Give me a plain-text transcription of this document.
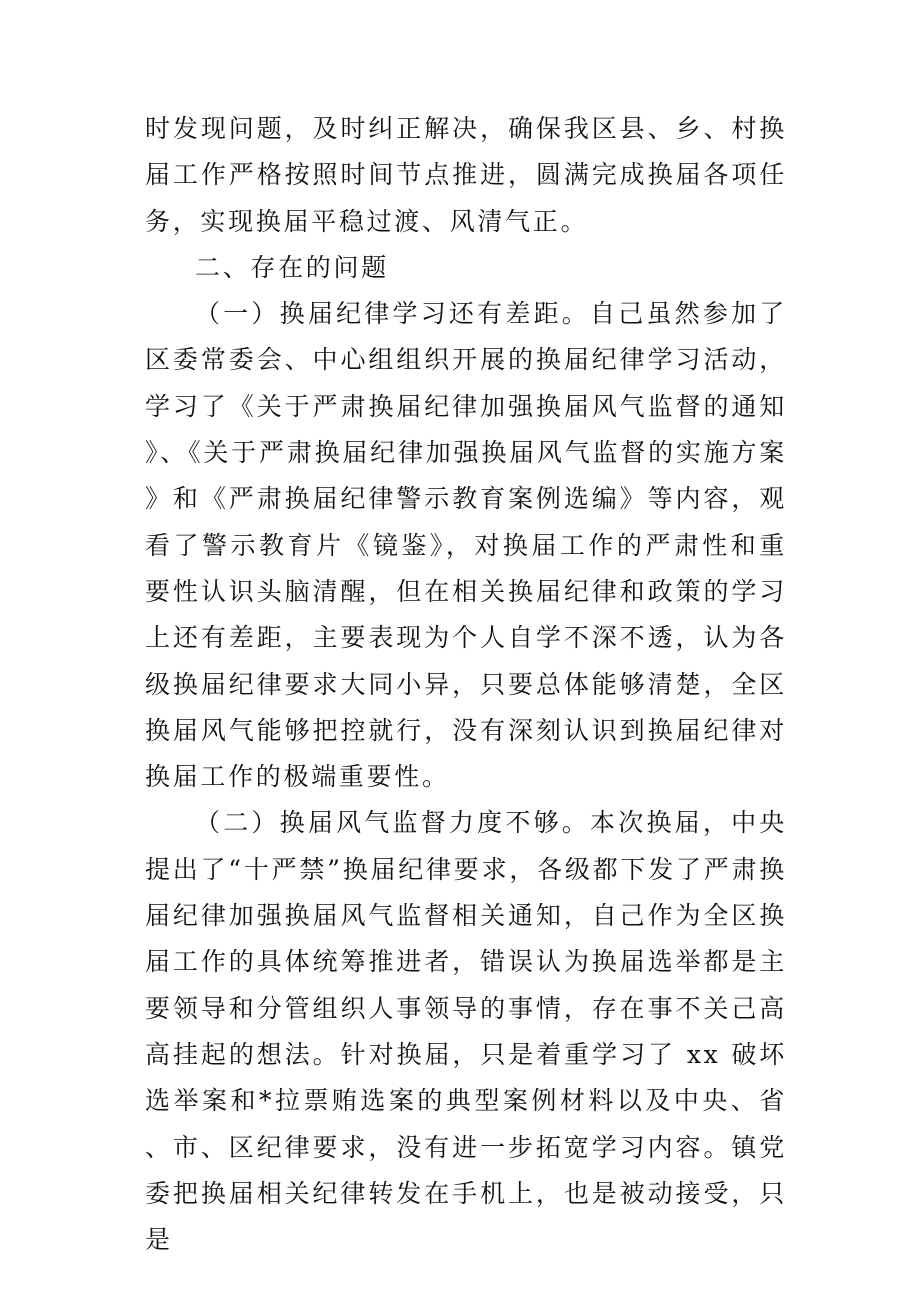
时发现问题，及时纠正解决，确保我区县、乡、村换届工作严格按照时间节点推进，圆满完成换届各项任务，实现换届平稳过渡、风清气正。

二、存在的问题

（一）换届纪律学习还有差距。自己虽然参加了区委常委会、中心组组织开展的换届纪律学习活动，学习了《关于严肃换届纪律加强换届风气监督的通知》、《关于严肃换届纪律加强换届风气监督的实施方案》和《严肃换届纪律警示教育案例选编》等内容，观看了警示教育片《镜鉴》，对换届工作的严肃性和重要性认识头脑清醒，但在相关换届纪律和政策的学习上还有差距，主要表现为个人自学不深不透，认为各级换届纪律要求大同小异，只要总体能够清楚，全区换届风气能够把控就行，没有深刻认识到换届纪律对换届工作的极端重要性。

（二）换届风气监督力度不够。本次换届，中央提出了“十严禁”换届纪律要求，各级都下发了严肃换届纪律加强换届风气监督相关通知，自己作为全区换届工作的具体统筹推进者，错误认为换届选举都是主要领导和分管组织人事领导的事情，存在事不关己高高挂起的想法。针对换届，只是着重学习了 xx 破坏选举案和*拉票贿选案的典型案例材料以及中央、省、市、区纪律要求，没有进一步拓宽学习内容。镇党委把换届相关纪律转发在手机上，也是被动接受，只是
